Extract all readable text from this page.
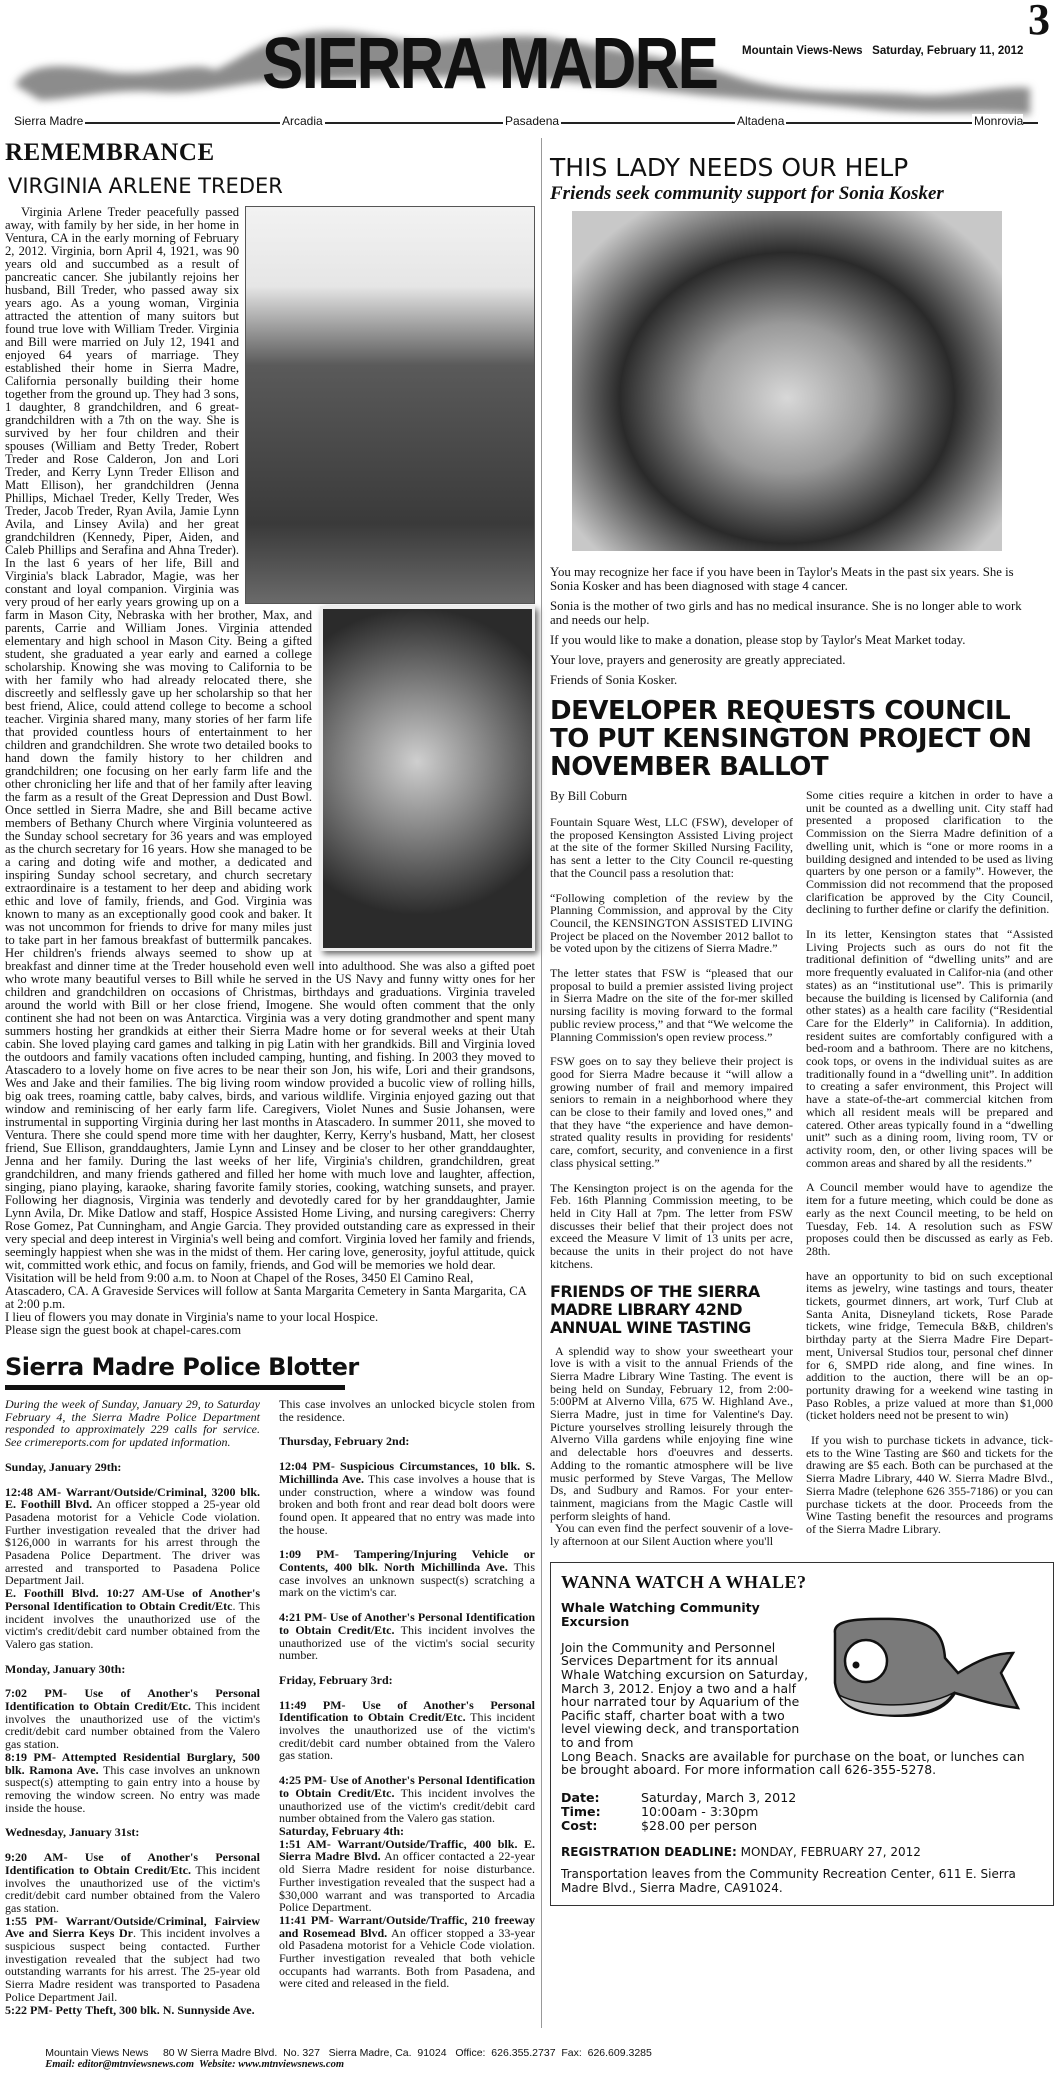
3
SIERRA MADRE Mountain Views-News   Saturday, February 11, 2012
Sierra Madre	Arcadia	Pasadena	Altadena	Monrovia
REMEMBRANCE
VIRGINIA ARLENE TREDER

Virginia Arlene Treder peacefully passed away, with family by her side, in her home in Ventura, CA in the early morning of February 2, 2012. Virginia, born April 4, 1921, was 90 years old and succumbed as a result of pancreatic cancer. She jubilantly rejoins her husband, Bill Treder, who passed away six years ago. As a young woman, Virginia attracted the attention of many suitors but found true love with William Treder. Virginia and Bill were married on July 12, 1941 and enjoyed 64 years of marriage. They established their home in Sierra Madre, California personally building their home together from the ground up. They had 3 sons, 1 daughter, 8 grandchildren, and 6 great-grandchildren with a 7th on the way. She is survived by her four children and their spouses (William and Betty Treder, Robert Treder and Rose Calderon, Jon and Lori Treder, and Kerry Lynn Treder Ellison and Matt Ellison), her grandchildren (Jenna Phillips, Michael Treder, Kelly Treder, Wes Treder, Jacob Treder, Ryan Avila, Jamie Lynn Avila, and Linsey Avila) and her great grandchildren (Kennedy, Piper, Aiden, and Caleb Phillips and Serafina and Ahna Treder). In the last 6 years of her life, Bill and Virginia's black Labrador, Magie, was her constant and loyal companion. Virginia was very proud of her early years growing up on a farm in Mason City, Nebraska with her brother, Max, and parents, Carrie and William Jones. Virginia attended elementary and high school in Mason City. Being a gifted student, she graduated a year early and earned a college scholarship. Knowing she was moving to California to be with her family who had already relocated there, she discreetly and selflessly gave up her scholarship so that her best friend, Alice, could attend college to become a school teacher. Virginia shared many, many stories of her farm life that provided countless hours of entertainment to her children and grandchildren. She wrote two detailed books to hand down the family history to her children and grandchildren; one focusing on her early farm life and the other chronicling her life and that of her family after leaving the farm as a result of the Great Depression and Dust Bowl. Once settled in Sierra Madre, she and Bill became active members of Bethany Church where Virginia volunteered as the Sunday school secretary for 36 years and was employed as the church secretary for 16 years. How she managed to be a caring and doting wife and mother, a dedicated and inspiring Sunday school secretary, and church secretary extraordinaire is a testament to her deep and abiding work ethic and love of family, friends, and God. Virginia was known to many as an exceptionally good cook and baker. It was not uncommon for friends to drive for many miles just to take part in her famous breakfast of buttermilk pancakes. Her children's friends always seemed to show up at breakfast and dinner time at the Treder household even well into adulthood. She was also a gifted poet who wrote many beautiful verses to Bill while he served in the US Navy and funny witty ones for her children and grandchildren on occasions of Christmas, birthdays and graduations. Virginia traveled around the world with Bill or her close friend, Imogene. She would often comment that the only continent she had not been on was Antarctica. Virginia was a very doting grandmother and spent many summers hosting her grandkids at either their Sierra Madre home or for several weeks at their Utah cabin. She loved playing card games and talking in pig Latin with her grandkids. Bill and Virginia loved the outdoors and family vacations often included camping, hunting, and fishing. In 2003 they moved to Atascadero to a lovely home on five acres to be near their son Jon, his wife, Lori and their grandsons, Wes and Jake and their families. The big living room window provided a bucolic view of rolling hills, big oak trees, roaming cattle, baby calves, birds, and various wildlife. Virginia enjoyed gazing out that window and reminiscing of her early farm life. Caregivers, Violet Nunes and Susie Johansen, were instrumental in supporting Virginia during her last months in Atascadero. In summer 2011, she moved to Ventura. There she could spend more time with her daughter, Kerry, Kerry's husband, Matt, her closest friend, Sue Ellison, granddaughters, Jamie Lynn and Linsey and be closer to her other granddaughter, Jenna and her family. During the last weeks of her life, Virginia's children, grandchildren, great grandchildren, and many friends gathered and filled her home with much love and laughter, affection, singing, piano playing, karaoke, sharing favorite family stories, cooking, watching sunsets, and prayer. Following her diagnosis, Virginia was tenderly and devotedly cared for by her granddaughter, Jamie Lynn Avila, Dr. Mike Datlow and staff, Hospice Assisted Home Living, and nursing caregivers: Cherry Rose Gomez, Pat Cunningham, and Angie Garcia. They provided outstanding care as expressed in their very special and deep interest in Virginia's well being and comfort. Virginia loved her family and friends, seemingly happiest when she was in the midst of them. Her caring love, generosity, joyful attitude, quick wit, committed work ethic, and focus on family, friends, and God will be memories we hold dear.

Visitation will be held from 9:00 a.m. to Noon at Chapel of the Roses, 3450 El Camino Real, Atascadero, CA. A Graveside Services will follow at Santa Margarita Cemetery in Santa Margarita, CA at 2:00 p.m.

I lieu of flowers you may donate in Virginia's name to your local Hospice.

Please sign the guest book at chapel-cares.com

Sierra Madre Police Blotter

During the week of Sunday, January 29, to Saturday February 4, the Sierra Madre Police Department responded to approximately 229 calls for service. See crimereports.com for updated information.

Sunday, January 29th:

12:48 AM- Warrant/Outside/Criminal, 3200 blk. E. Foothill Blvd. An officer stopped a 25-year old Pasadena motorist for a Vehicle Code violation. Further investigation revealed that the driver had $126,000 in warrants for his arrest through the Pasadena Police Department. The driver was arrested and transported to Pasadena Police Department Jail.

E. Foothill Blvd. 10:27 AM-Use of Another's Personal Identification to Obtain Credit/Etc. This incident involves the unauthorized use of the victim's credit/debit card number obtained from the Valero gas station.

Monday, January 30th:

7:02 PM- Use of Another's Personal Identification to Obtain Credit/Etc. This incident involves the unauthorized use of the victim's credit/debit card number obtained from the Valero gas station.

8:19 PM- Attempted Residential Burglary, 500 blk. Ramona Ave. This case involves an unknown suspect(s) attempting to gain entry into a house by removing the window screen. No entry was made inside the house.

Wednesday, January 31st:

9:20 AM- Use of Another's Personal Identification to Obtain Credit/Etc. This incident involves the unauthorized use of the victim's credit/debit card number obtained from the Valero gas station.

1:55 PM- Warrant/Outside/Criminal, Fairview Ave and Sierra Keys Dr. This incident involves a suspicious suspect being contacted. Further investigation revealed that the subject had two outstanding warrants for his arrest. The 25-year old Sierra Madre resident was transported to Pasadena Police Department Jail.

5:22 PM- Petty Theft, 300 blk. N. Sunnyside Ave.

This case involves an unlocked bicycle stolen from the residence.

Thursday, February 2nd:

12:04 PM- Suspicious Circumstances, 10 blk. S. Michillinda Ave. This case involves a house that is under construction, where a window was found broken and both front and rear dead bolt doors were found open. It appeared that no entry was made into the house.

1:09 PM- Tampering/Injuring Vehicle or Contents, 400 blk. North Michillinda Ave. This case involves an unknown suspect(s) scratching a mark on the victim's car.

4:21 PM- Use of Another's Personal Identification to Obtain Credit/Etc. This incident involves the unauthorized use of the victim's social security number.

Friday, February 3rd:

11:49 PM- Use of Another's Personal Identification to Obtain Credit/Etc. This incident involves the unauthorized use of the victim's credit/debit card number obtained from the Valero gas station.

4:25 PM- Use of Another's Personal Identification to Obtain Credit/Etc. This incident involves the unauthorized use of the victim's credit/debit card number obtained from the Valero gas station.

Saturday, February 4th:

1:51 AM- Warrant/Outside/Traffic, 400 blk. E. Sierra Madre Blvd. An officer contacted a 22-year old Sierra Madre resident for noise disturbance. Further investigation revealed that the suspect had a $30,000 warrant and was transported to Arcadia Police Department.

11:41 PM- Warrant/Outside/Traffic, 210 freeway and Rosemead Blvd. An officer stopped a 33-year old Pasadena motorist for a Vehicle Code violation. Further investigation revealed that both vehicle occupants had warrants. Both from Pasadena, and were cited and released in the field.

THIS LADY NEEDS OUR HELP
Friends seek community support for Sonia Kosker

You may recognize her face if you have been in Taylor's Meats in the past six years. She is Sonia Kosker and has been diagnosed with stage 4 cancer.

Sonia is the mother of two girls and has no medical insurance. She is no longer able to work and needs our help.

If you would like to make a donation, please stop by Taylor's Meat Market today.

Your love, prayers and generosity are greatly appreciated.

Friends of Sonia Kosker.

DEVELOPER REQUESTS COUNCIL TO PUT KENSINGTON PROJECT ON NOVEMBER BALLOT
By Bill Coburn

Fountain Square West, LLC (FSW), developer of the proposed Kensington Assisted Living project at the site of the former Skilled Nursing Facility, has sent a letter to the City Council re-questing that the Council pass a resolution that:

“Following completion of the review by the Planning Commission, and approval by the City Council, the KENSINGTON ASSISTED LIVING Project be placed on the November 2012 ballot to be voted upon by the citizens of Sierra Madre.”

The letter states that FSW is “pleased that our proposal to build a premier assisted living project in Sierra Madre on the site of the for-mer skilled nursing facility is moving forward to the formal public review process,” and that “We welcome the Planning Commission's open review process.”

FSW goes on to say they believe their project is good for Sierra Madre because it “will allow a growing number of frail and memory impaired seniors to remain in a neighborhood where they can be close to their family and loved ones,” and that they have “the experience and have demon-strated quality results in providing for residents' care, comfort, security, and convenience in a first class physical setting.”

The Kensington project is on the agenda for the Feb. 16th Planning Commission meeting, to be held in City Hall at 7pm. The letter from FSW discusses their belief that their project does not exceed the Measure V limit of 13 units per acre, because the units in their project do not have kitchens.

FRIENDS OF THE SIERRA MADRE LIBRARY 42ND ANNUAL WINE TASTING

A splendid way to show your sweetheart your love is with a visit to the annual Friends of the Sierra Madre Library Wine Tasting. The event is being held on Sunday, February 12, from 2:00-5:00PM at Alverno Villa, 675 W. Highland Ave., Sierra Madre, just in time for Valentine's Day. Picture yourselves strolling leisurely through the Alverno Villa gardens while enjoying fine wine and delectable hors d'oeuvres and desserts. Adding to the romantic atmosphere will be live music performed by Steve Vargas, The Mellow Ds, and Sudbury and Ramos. For your enter-tainment, magicians from the Magic Castle will perform sleights of hand.

You can even find the perfect souvenir of a love-ly afternoon at our Silent Auction where you'll

Some cities require a kitchen in order to have a unit be counted as a dwelling unit. City staff had presented a proposed clarification to the Commission on the Sierra Madre definition of a dwelling unit, which is “one or more rooms in a building designed and intended to be used as living quarters by one person or a family”. However, the Commission did not recommend that the proposed clarification be approved by the City Council, declining to further define or clarify the definition.

In its letter, Kensington states that “Assisted Living Projects such as ours do not fit the traditional definition of “dwelling units” and are more frequently evaluated in Califor-nia (and other states) as an “institutional use”. This is primarily because the building is licensed by California (and other states) as a health care facility (“Residential Care for the Elderly” in California). In addition, resident suites are comfortably configured with a bed-room and a bathroom. There are no kitchens, cook tops, or ovens in the individual suites as are traditionally found in a “dwelling unit”. In addition to creating a safer environment, this Project will have a state-of-the-art commercial kitchen from which all resident meals will be prepared and catered. Other areas typically found in a “dwelling unit” such as a dining room, living room, TV or activity room, den, or other living spaces will be common areas and shared by all the residents.”

A Council member would have to agendize the item for a future meeting, which could be done as early as the next Council meeting, to be held on Tuesday, Feb. 14. A resolution such as FSW proposes could then be discussed as early as Feb. 28th.

have an opportunity to bid on such exceptional items as jewelry, wine tastings and tours, theater tickets, gourmet dinners, art work, Turf Club at Santa Anita, Disneyland tickets, Rose Parade tickets, wine fridge, Temecula B&B, children's birthday party at the Sierra Madre Fire Depart-ment, Universal Studios tour, personal chef dinner for 6, SMPD ride along, and fine wines. In addition to the auction, there will be an op-portunity drawing for a weekend wine tasting in Paso Robles, a prize valued at more than $1,000 (ticket holders need not be present to win)

If you wish to purchase tickets in advance, tick-ets to the Wine Tasting are $60 and tickets for the drawing are $5 each. Both can be purchased at the Sierra Madre Library, 440 W. Sierra Madre Blvd., Sierra Madre (telephone 626 355-7186) or you can purchase tickets at the door. Proceeds from the Wine Tasting benefit the resources and programs of the Sierra Madre Library.

WANNA WATCH A WHALE?
Whale Watching Community Excursion

Join the Community and Personnel Services Department for its annual Whale Watching excursion on Saturday, March 3, 2012. Enjoy a two and a half hour narrated tour by Aquarium of the Pacific staff, charter boat with a two level viewing deck, and transportation to and from

Long Beach. Snacks are available for purchase on the boat, or lunches can be brought aboard. For more information call 626-355-5278.

Date:	Saturday, March 3, 2012
Time:	10:00am - 3:30pm
Cost:	$28.00 per person
REGISTRATION DEADLINE: MONDAY, FEBRUARY 27, 2012
Transportation leaves from the Community Recreation Center, 611 E. Sierra Madre Blvd., Sierra Madre, CA91024.

Mountain Views News     80 W Sierra Madre Blvd.  No. 327   Sierra Madre, Ca.  91024   Office:  626.355.2737  Fax:  626.609.3285
Email: editor@mtnviewsnews.com  Website: www.mtnviewsnews.com
